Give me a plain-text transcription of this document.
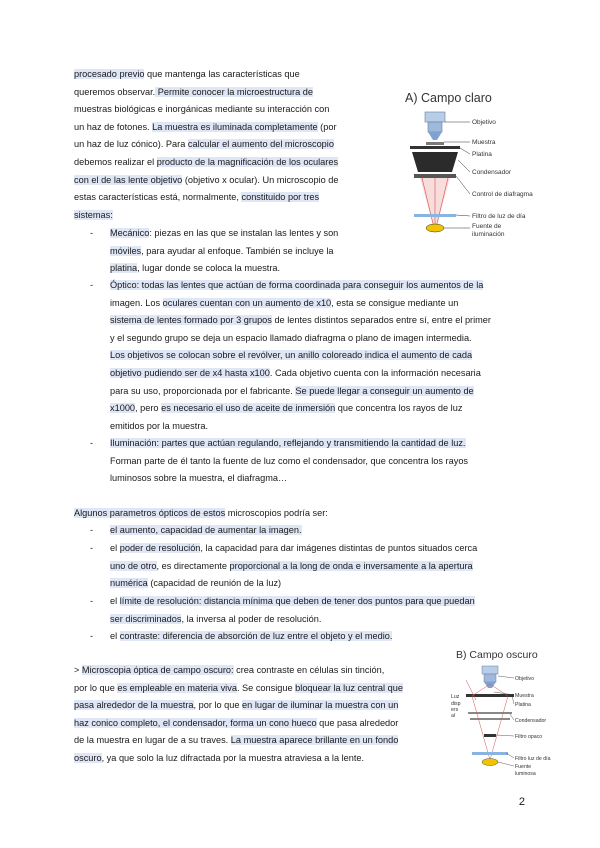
procesado previo que mantenga las características que

queremos observar. Permite conocer la microestructura de

muestras biológicas e inorgánicas mediante su interacción con

un haz de fotones. La muestra es iluminada completamente (por

un haz de luz cónico). Para calcular el aumento del microscopio

debemos realizar el producto de la magnificación de los oculares

con el de las lente objetivo (objetivo x ocular). Un microscopio de

estas características está, normalmente, constituido por tres

sistemas:

- Mecánico: piezas en las que se instalan las lentes y son

móviles, para ayudar al enfoque. También se incluye la

platina, lugar donde se coloca la muestra.

- Óptico: todas las lentes que actúan de forma coordinada para conseguir los aumentos de la

imagen. Los oculares cuentan con un aumento de x10, esta se consigue mediante un

sistema de lentes formado por 3 grupos de lentes distintos separados entre sí, entre el primer

y el segundo grupo se deja un espacio llamado diafragma o plano de imagen intermedia.

Los objetivos se colocan sobre el revólver, un anillo coloreado indica el aumento de cada

objetivo pudiendo ser de x4 hasta x100. Cada objetivo cuenta con la información necesaria

para su uso, proporcionada por el fabricante. Se puede llegar a conseguir un aumento de

x1000, pero es necesario el uso de aceite de inmersión que concentra los rayos de luz

emitidos por la muestra.

- Iluminación: partes que actúan regulando, reflejando y transmitiendo la cantidad de luz.

Forman parte de él tanto la fuente de luz como el condensador, que concentra los rayos

luminosos sobre la muestra, el diafragma…

Algunos parametros ópticos de estos microscopios podría ser:

- el aumento, capacidad de aumentar la imagen.

- el poder de resolución, la capacidad para dar imágenes distintas de puntos situados cerca

uno de otro, es directamente proporcional a la long de onda e inversamente a la apertura

numérica (capacidad de reunión de la luz)

- el límite de resolución: distancia mínima que deben de tener dos puntos para que puedan

ser discriminados, la inversa al poder de resolución.

- el contraste: diferencia de absorción de luz entre el objeto y el medio.

> Microscopia óptica de campo oscuro: crea contraste en células sin tinción,

por lo que es empleable en materia viva. Se consigue bloquear la luz central que

pasa alrededor de la muestra, por lo que en lugar de iluminar la muestra con un

haz conico completo, el condensador, forma un cono hueco que pasa alrededor

de la muestra en lugar de a su traves. La muestra aparece brillante en un fondo

oscuro, ya que solo la luz difractada por la muestra atraviesa a la lente.

A) Campo claro
Objetivo
Muestra
Platina
Condensador
Control de diafragma
Filtro de luz de día
Fuente de
iluminación
B) Campo oscuro
Objetivo
Luz
disp
ers
al
Muestra
Platina
Condensador
Filtro opaco
Filtro luz de día
Fuente
luminosa
2
